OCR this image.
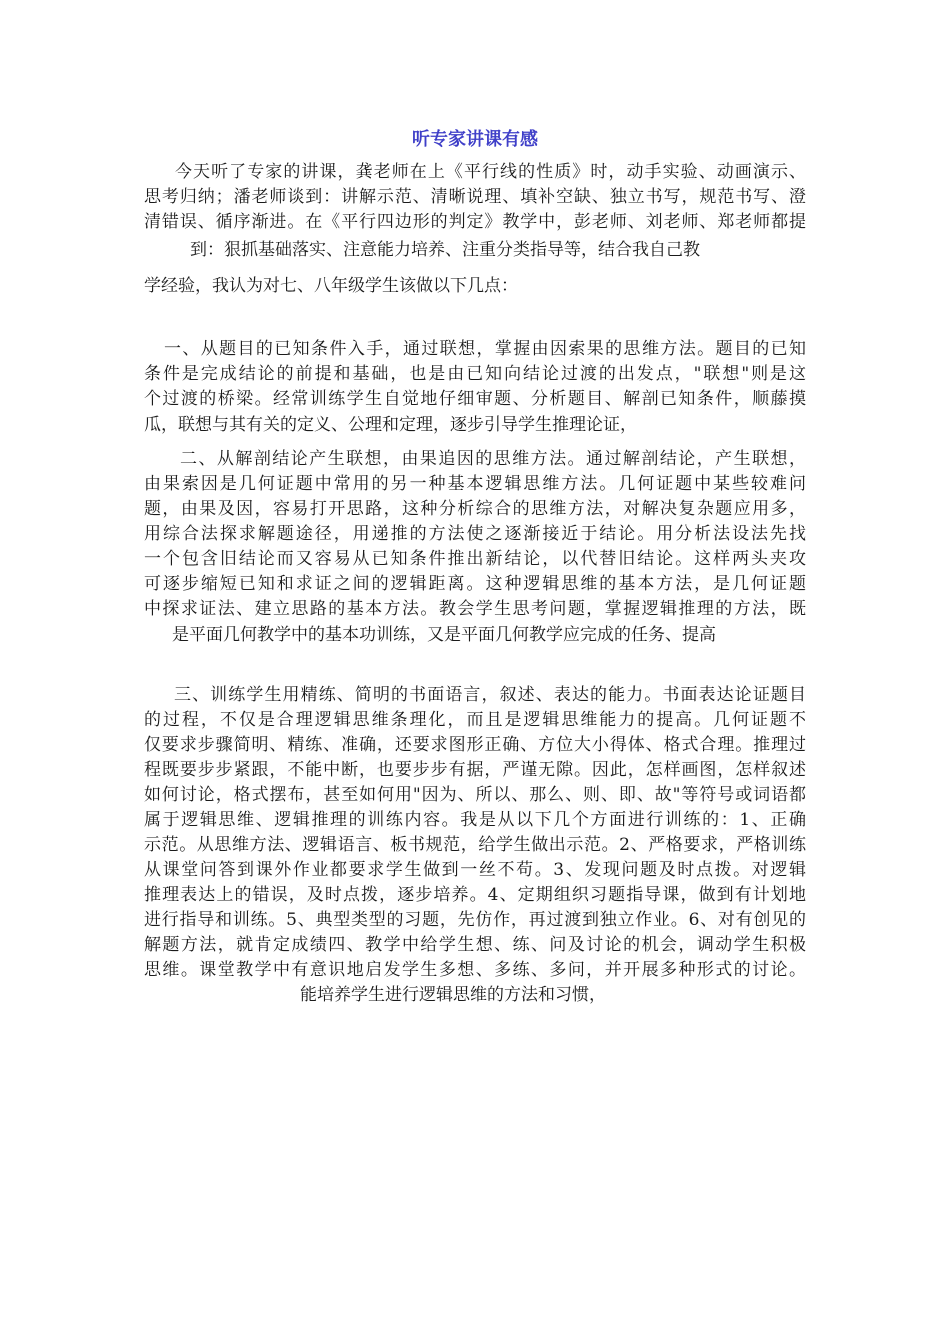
听专家讲课有感

今天听了专家的讲课，龚老师在上《平行线的性质》时，动手实验、动画演示、

思考归纳；潘老师谈到：讲解示范、清晰说理、填补空缺、独立书写，规范书写、澄

清错误、循序渐进。在《平行四边形的判定》教学中，彭老师、刘老师、郑老师都提

到：狠抓基础落实、注意能力培养、注重分类指导等，结合我自己教

学经验，我认为对七、八年级学生该做以下几点：

一、从题目的已知条件入手，通过联想，掌握由因索果的思维方法。题目的已知

条件是完成结论的前提和基础，也是由已知向结论过渡的出发点，"联想"则是这

个过渡的桥梁。经常训练学生自觉地仔细审题、分析题目、解剖已知条件，顺藤摸

瓜，联想与其有关的定义、公理和定理，逐步引导学生推理论证，

二、从解剖结论产生联想，由果追因的思维方法。通过解剖结论，产生联想，

由果索因是几何证题中常用的另一种基本逻辑思维方法。几何证题中某些较难问

题，由果及因，容易打开思路，这种分析综合的思维方法，对解决复杂题应用多，

用综合法探求解题途径，用递推的方法使之逐渐接近于结论。用分析法设法先找

一个包含旧结论而又容易从已知条件推出新结论，以代替旧结论。这样两头夹攻

可逐步缩短已知和求证之间的逻辑距离。这种逻辑思维的基本方法，是几何证题

中探求证法、建立思路的基本方法。教会学生思考问题，掌握逻辑推理的方法，既

是平面几何教学中的基本功训练，又是平面几何教学应完成的任务、提高

三、训练学生用精练、简明的书面语言，叙述、表达的能力。书面表达论证题目

的过程，不仅是合理逻辑思维条理化，而且是逻辑思维能力的提高。几何证题不

仅要求步骤简明、精练、准确，还要求图形正确、方位大小得体、格式合理。推理过

程既要步步紧跟，不能中断，也要步步有据，严谨无隙。因此，怎样画图，怎样叙述

如何讨论，格式摆布，甚至如何用"因为、所以、那么、则、即、故"等符号或词语都

属于逻辑思维、逻辑推理的训练内容。我是从以下几个方面进行训练的：1、正确

示范。从思维方法、逻辑语言、板书规范，给学生做出示范。2、严格要求，严格训练

从课堂问答到课外作业都要求学生做到一丝不苟。3、发现问题及时点拨。对逻辑

推理表达上的错误，及时点拨，逐步培养。4、定期组织习题指导课，做到有计划地

进行指导和训练。5、典型类型的习题，先仿作，再过渡到独立作业。6、对有创见的

解题方法，就肯定成绩四、教学中给学生想、练、问及讨论的机会，调动学生积极

思维。课堂教学中有意识地启发学生多想、多练、多问，并开展多种形式的讨论。

能培养学生进行逻辑思维的方法和习惯，
